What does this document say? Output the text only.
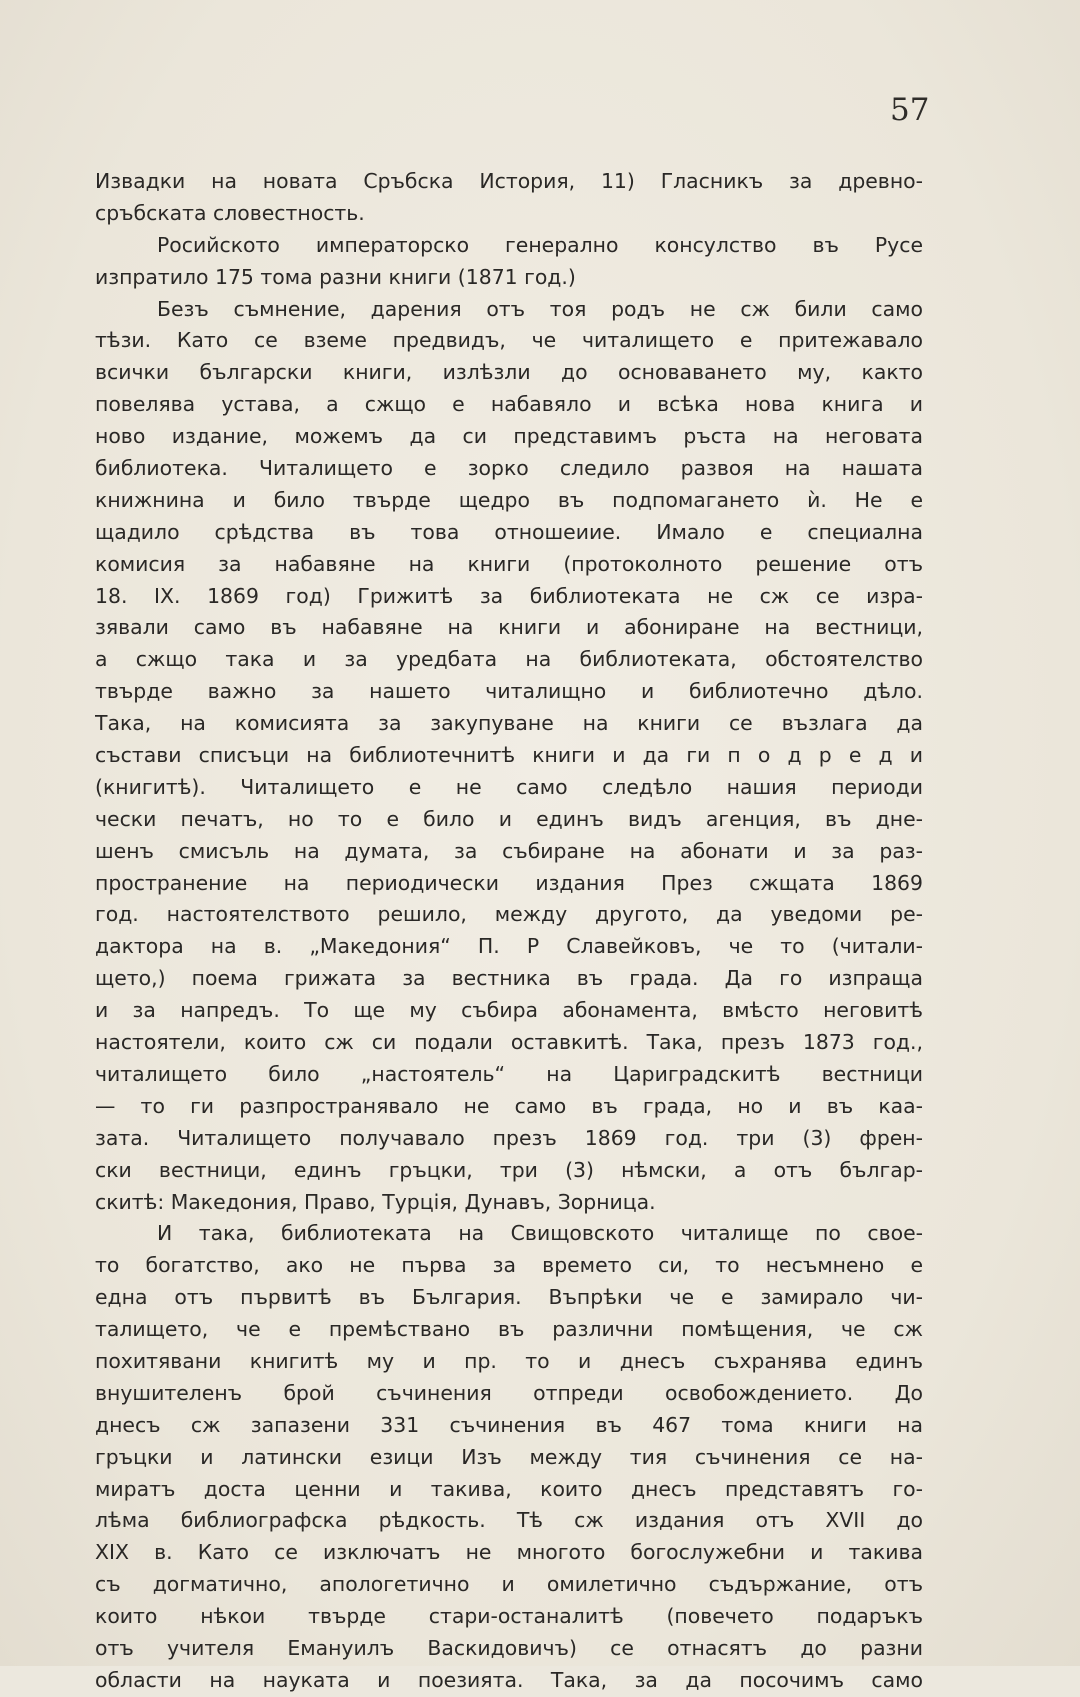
57
Извадки на новата Сръбска История, 11) Гласникъ за древно-
сръбската словестность.
Росийското императорско генерално консулство въ Русе
изпратило 175 тома разни книги (1871 год.)
Безъ съмнение, дарения отъ тоя родъ не сж били само
тѣзи. Като се вземе предвидъ, че читалището е притежавало
всички български книги, излѣзли до основаването му, както
повелява устава, а сжщо е набавяло и всѣка нова книга и
ново издание, можемъ да си представимъ ръста на неговата
библиотека. Читалището е зорко следило развоя на нашата
книжнина и било твърде щедро въ подпомагането ѝ. Не е
щадило срѣдства въ това отношеиие. Имало е специална
комисия за набавяне на книги (протоколното решение отъ
18. IX. 1869 год) Грижитѣ за библиотеката не сж се изра-
зявали само въ набавяне на книги и абониране на вестници,
а сжщо така и за уредбата на библиотеката, обстоятелство
твърде важно за нашето читалищно и библиотечно дѣло.
Така, на комисията за закупуване на книги се възлага да
състави списъци на библиотечнитѣ книги и да ги п о д р е д и
(книгитѣ). Читалището е не само следѣло нашия периоди
чески печатъ, но то е било и единъ видъ агенция, въ дне-
шенъ смисъль на думата, за събиране на абонати и за раз-
пространение на периодически издания През сжщата 1869
год. настоятелството решило, между другото, да уведоми ре-
дактора на в. „Македония“ П. Р Славейковъ, че то (читали-
щето,) поема грижата за вестника въ града. Да го изпраща
и за напредъ. То ще му събира абонамента, вмѣсто неговитѣ
настоятели, които сж си подали оставкитѣ. Така, презъ 1873 год.,
читалището било „настоятель“ на Цариградскитѣ вестници
— то ги разпространявало не само въ града, но и въ каа-
зата. Читалището получавало презъ 1869 год. три (3) френ-
ски вестници, единъ гръцки, три (3) нѣмски, а отъ българ-
скитѣ: Македония, Право, Турція, Дунавъ, Зорница.
И така, библиотеката на Свищовското читалище по свое-
то богатство, ако не първа за времето си, то несъмнено е
една отъ първитѣ въ България. Въпрѣки че е замирало чи-
талището, че е премѣствано въ различни помѣщения, че сж
похитявани книгитѣ му и пр. то и днесъ съхранява единъ
внушителенъ брой съчинения отпреди освобождението. До
днесъ сж запазени 331 съчинения въ 467 тома книги на
гръцки и латински езици Изъ между тия съчинения се на-
миратъ доста ценни и такива, които днесъ представятъ го-
лѣма библиографска рѣдкость. Тѣ сж издания отъ XVII до
XIX в. Като се изключатъ не многото богослужебни и такива
съ догматично, апологетично и омилетично съдържание, отъ
които нѣкои твърде стари-останалитѣ (повечето подаръкъ
отъ учителя Емануилъ Васкидовичъ) се отнасятъ до разни
области на науката и поезията. Така, за да посочимъ само
